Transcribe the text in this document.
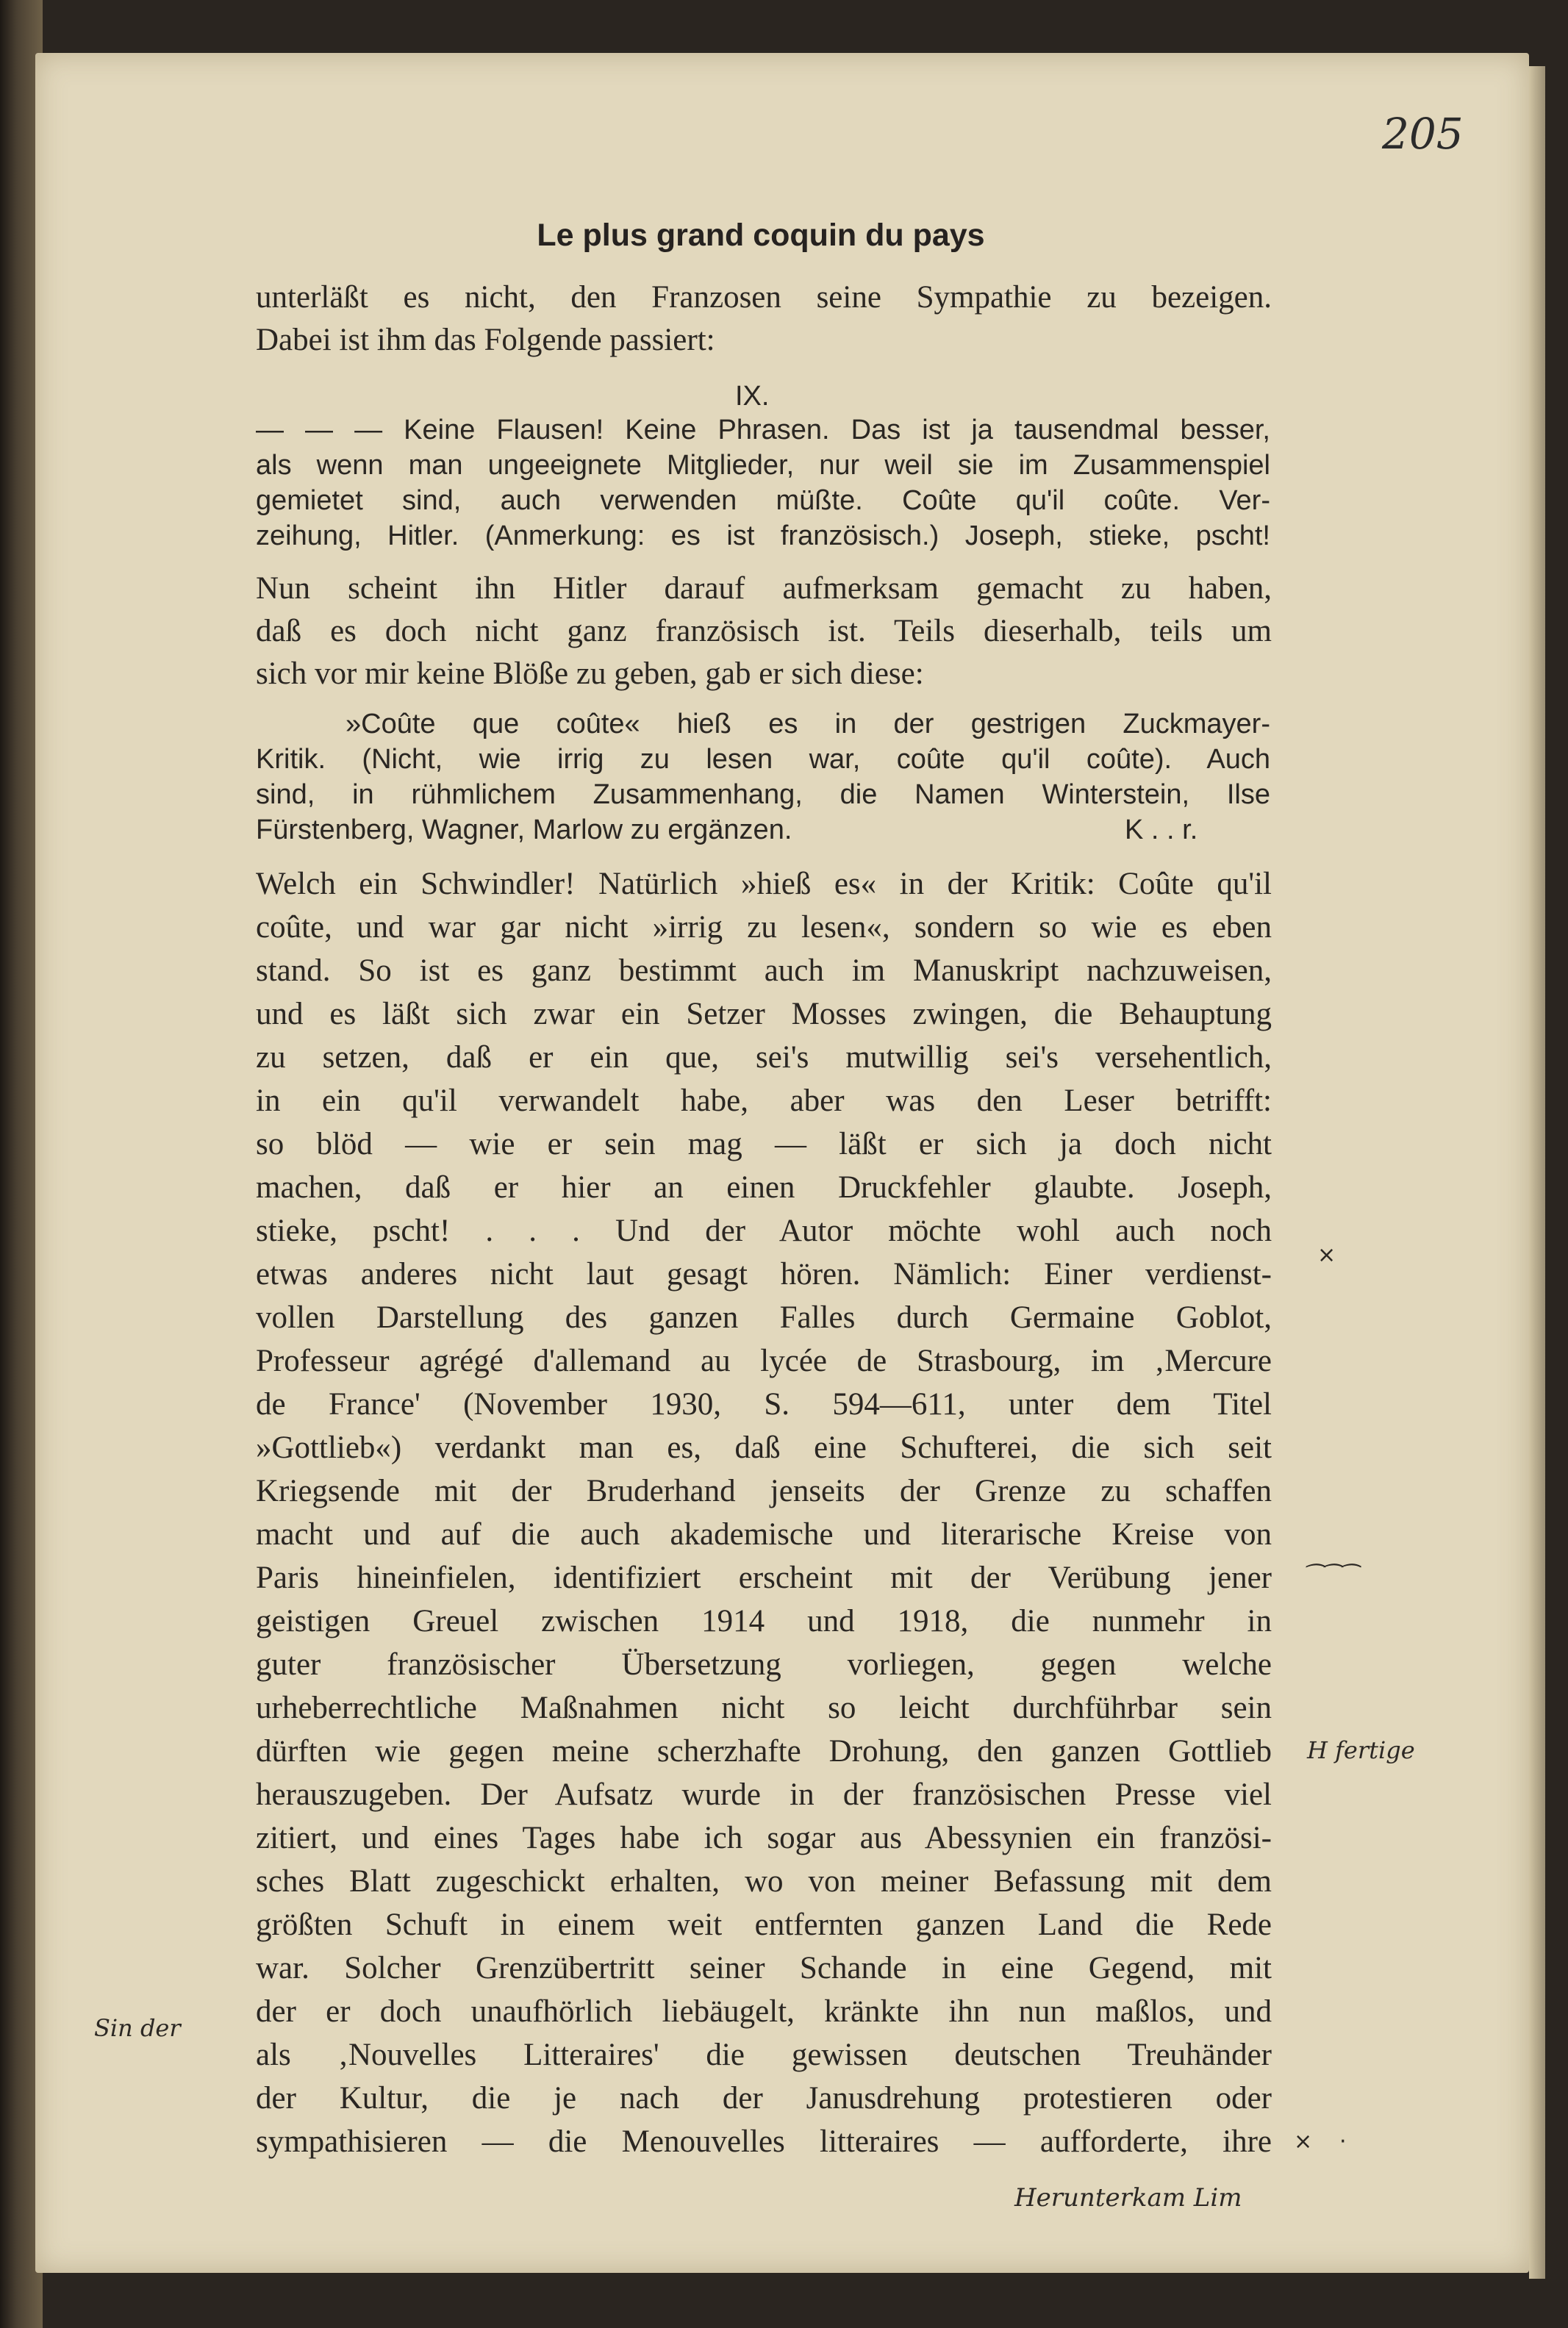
205
Le plus grand coquin du pays
unterläßt es nicht, den Franzosen seine Sympathie zu bezeigen.
Dabei ist ihm das Folgende passiert:
IX.
— — — Keine Flausen! Keine Phrasen. Das ist ja tausendmal besser,
als wenn man ungeeignete Mitglieder, nur weil sie im Zusammenspiel
gemietet sind, auch verwenden müßte. Coûte qu'il coûte. Ver-
zeihung, Hitler. (Anmerkung: es ist französisch.) Joseph, stieke, pscht!
Nun scheint ihn Hitler darauf aufmerksam gemacht zu haben,
daß es doch nicht ganz französisch ist. Teils dieserhalb, teils um
sich vor mir keine Blöße zu geben, gab er sich diese:
»Coûte que coûte« hieß es in der gestrigen Zuckmayer-
Kritik. (Nicht, wie irrig zu lesen war, coûte qu'il coûte). Auch
sind, in rühmlichem Zusammenhang, die Namen Winterstein, Ilse
Fürstenberg, Wagner, Marlow zu ergänzen.	K . . r.
Welch ein Schwindler! Natürlich »hieß es« in der Kritik: Coûte qu'il
coûte, und war gar nicht »irrig zu lesen«, sondern so wie es eben
stand. So ist es ganz bestimmt auch im Manuskript nachzuweisen,
und es läßt sich zwar ein Setzer Mosses zwingen, die Behauptung
zu setzen, daß er ein que, sei's mutwillig sei's versehentlich,
in ein qu'il verwandelt habe, aber was den Leser betrifft:
so blöd — wie er sein mag — läßt er sich ja doch nicht
machen, daß er hier an einen Druckfehler glaubte. Joseph,
stieke, pscht! . . . Und der Autor möchte wohl auch noch
etwas anderes nicht laut gesagt hören. Nämlich: Einer verdienst-
vollen Darstellung des ganzen Falles durch Germaine Goblot,
Professeur agrégé d'allemand au lycée de Strasbourg, im ‚Mercure
de France' (November 1930, S. 594—611, unter dem Titel
»Gottlieb«) verdankt man es, daß eine Schufterei, die sich seit
Kriegsende mit der Bruderhand jenseits der Grenze zu schaffen
macht und auf die auch akademische und literarische Kreise von
Paris hineinfielen, identifiziert erscheint mit der Verübung jener
geistigen Greuel zwischen 1914 und 1918, die nunmehr in
guter französischer Übersetzung vorliegen, gegen welche
urheberrechtliche Maßnahmen nicht so leicht durchführbar sein
dürften wie gegen meine scherzhafte Drohung, den ganzen Gottlieb
herauszugeben. Der Aufsatz wurde in der französischen Presse viel
zitiert, und eines Tages habe ich sogar aus Abessynien ein französi-
sches Blatt zugeschickt erhalten, wo von meiner Befassung mit dem
größten Schuft in einem weit entfernten ganzen Land die Rede
war. Solcher Grenzübertritt seiner Schande in eine Gegend, mit
der er doch unaufhörlich liebäugelt, kränkte ihn nun maßlos, und
als ‚Nouvelles Litteraires' die gewissen deutschen Treuhänder
der Kultur, die je nach der Janusdrehung protestieren oder
sympathisieren — die Menouvelles litteraires — aufforderte, ihre
×
⁀⁀⁀
H fertige
Sin der
× ·
Herunterkam Lim
